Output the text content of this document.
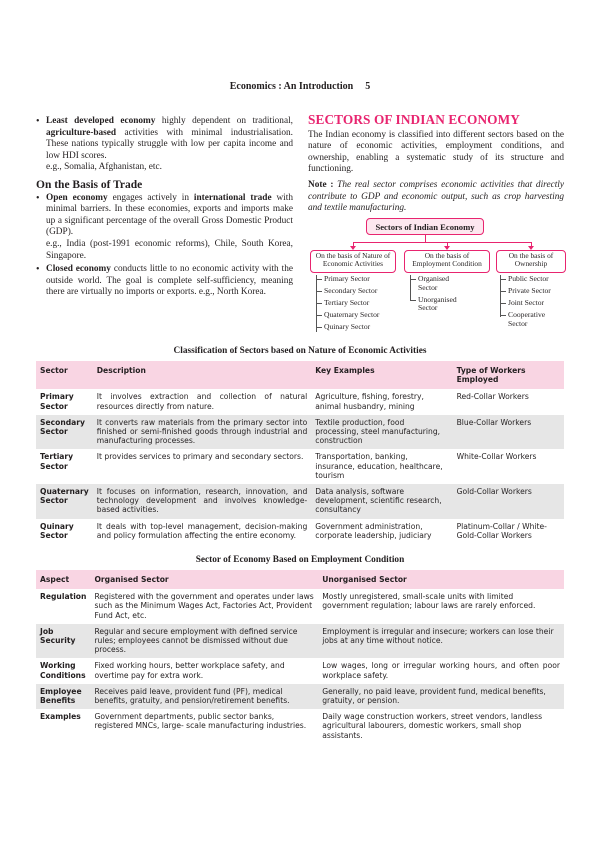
Economics : An Introduction 5
• Least developed economy highly dependent on traditional, agriculture-based activities with minimal industrialisation. These nations typically struggle with low per capita income and low HDI scores.
e.g., Somalia, Afghanistan, etc.
On the Basis of Trade
• Open economy engages actively in international trade with minimal barriers. In these economies, exports and imports make up a significant percentage of the overall Gross Domestic Product (GDP).
e.g., India (post-1991 economic reforms), Chile, South Korea, Singapore.
• Closed economy conducts little to no economic activity with the outside world. The goal is complete self-sufficiency, meaning there are virtually no imports or exports. e.g., North Korea.
SECTORS OF INDIAN ECONOMY
The Indian economy is classified into different sectors based on the nature of economic activities, employment conditions, and ownership, enabling a systematic study of its structure and functioning.
Note : The real sector comprises economic activities that directly contribute to GDP and economic output, such as crop harvesting and textile manufacturing.
Sectors of Indian Economy
On the basis of Nature of Economic Activities
On the basis of Employment Condition
On the basis of Ownership
Primary Sector
Secondary Sector
Tertiary Sector
Quaternary Sector
Quinary Sector
Organised Sector
Unorganised Sector
Public Sector
Private Sector
Joint Sector
Cooperative Sector
Classification of Sectors based on Nature of Economic Activities
Sector	Description	Key Examples	Type of Workers Employed
Primary Sector	It involves extraction and collection of natural resources directly from nature.	Agriculture, fishing, forestry, animal husbandry, mining	Red-Collar Workers
Secondary Sector	It converts raw materials from the primary sector into finished or semi-finished goods through industrial and manufacturing processes.	Textile production, food processing, steel manufacturing, construction	Blue-Collar Workers
Tertiary Sector	It provides services to primary and secondary sectors.	Transportation, banking, insurance, education, healthcare, tourism	White-Collar Workers
Quaternary Sector	It focuses on information, research, innovation, and technology development and involves knowledge-based activities.	Data analysis, software development, scientific research, consultancy	Gold-Collar Workers
Quinary Sector	It deals with top-level management, decision-making and policy formulation affecting the entire economy.	Government administration, corporate leadership, judiciary	Platinum-Collar / White-Gold-Collar Workers
Sector of Economy Based on Employment Condition
Aspect	Organised Sector	Unorganised Sector
Regulation	Registered with the government and operates under laws such as the Minimum Wages Act, Factories Act, Provident Fund Act, etc.	Mostly unregistered, small-scale units with limited government regulation; labour laws are rarely enforced.
Job Security	Regular and secure employment with defined service rules; employees cannot be dismissed without due process.	Employment is irregular and insecure; workers can lose their jobs at any time without notice.
Working Conditions	Fixed working hours, better workplace safety, and overtime pay for extra work.	Low wages, long or irregular working hours, and often poor workplace safety.
Employee Benefits	Receives paid leave, provident fund (PF), medical benefits, gratuity, and pension/retirement benefits.	Generally, no paid leave, provident fund, medical benefits, gratuity, or pension.
Examples	Government departments, public sector banks, registered MNCs, large- scale manufacturing industries.	Daily wage construction workers, street vendors, landless agricultural labourers, domestic workers, small shop assistants.
